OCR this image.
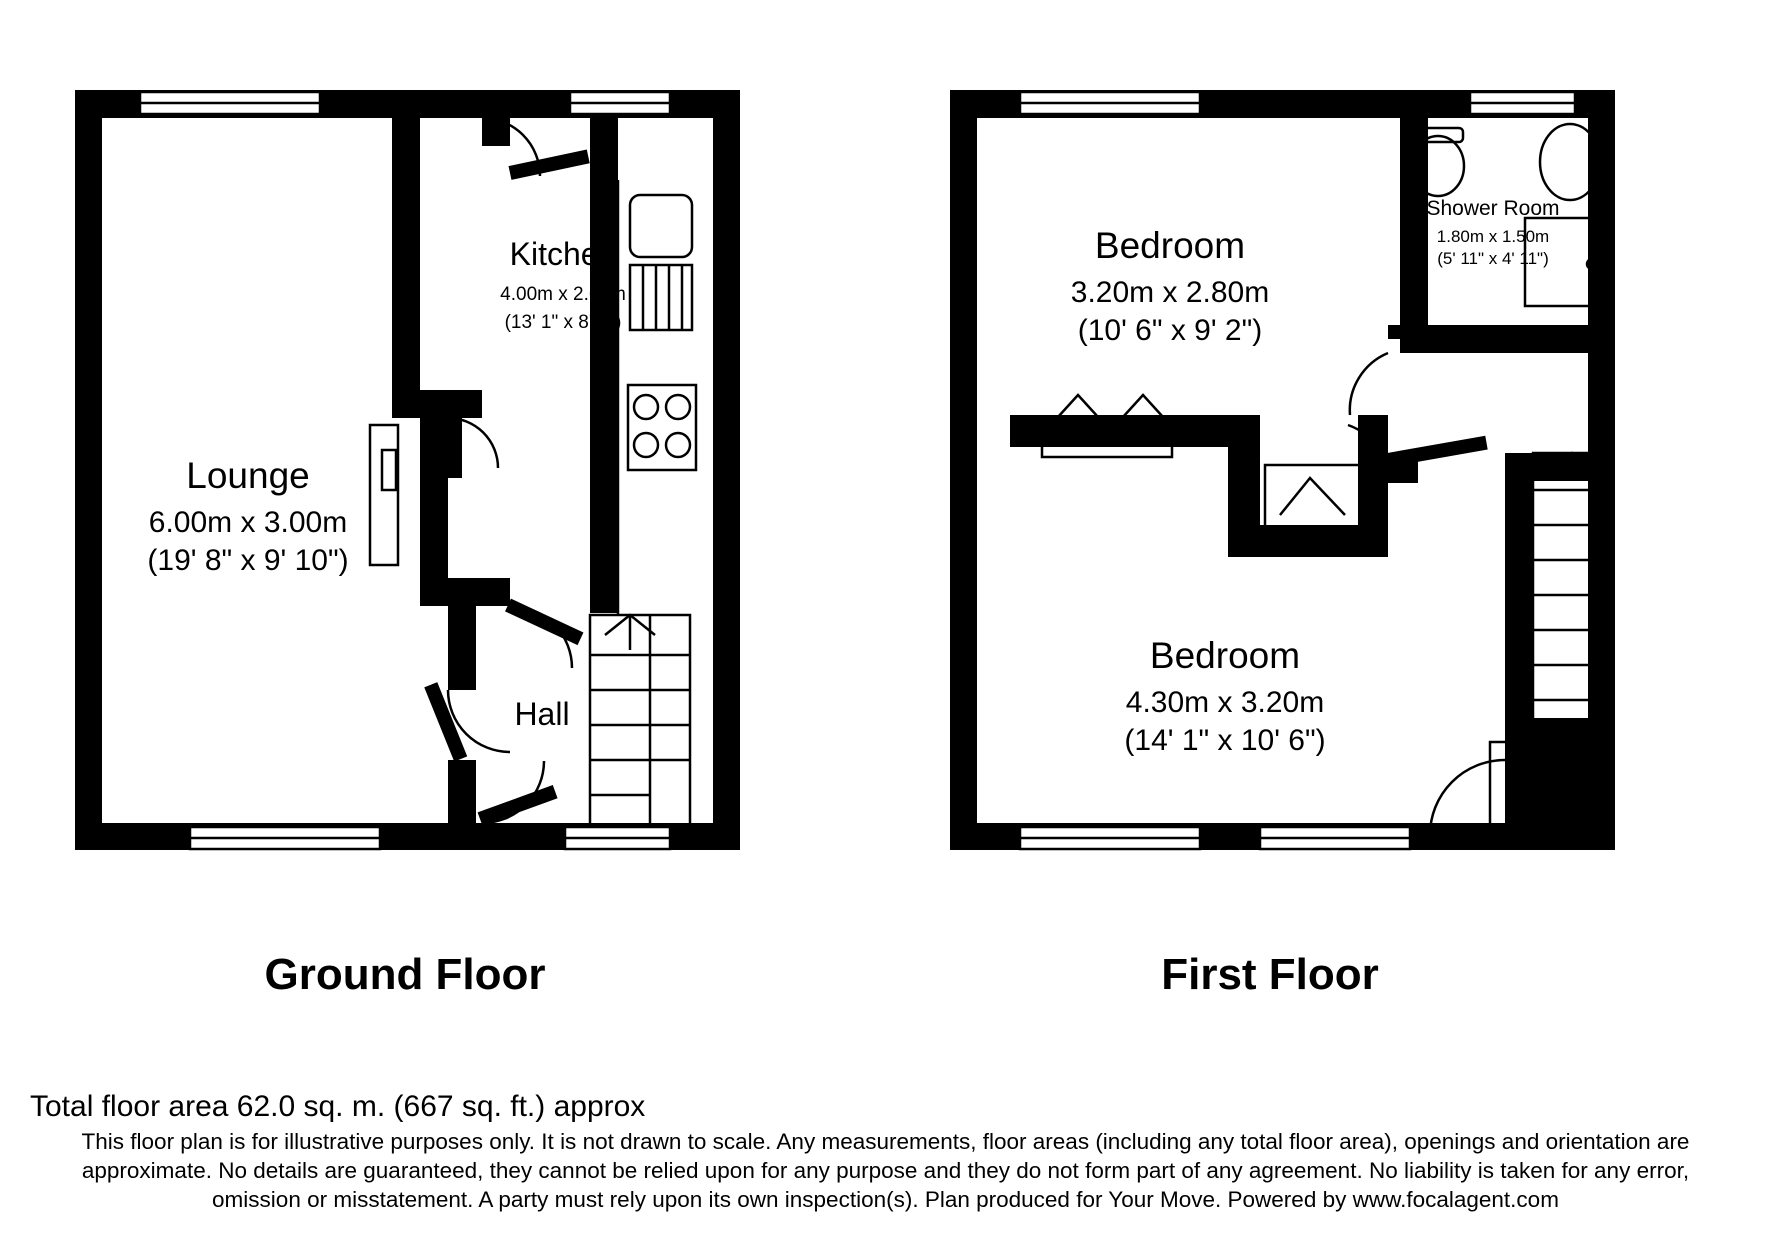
Lounge
6.00m x 3.00m
(19' 8" x 9' 10")
Kitchen
4.00m x 2.60m
(13' 1" x 8' 6")
Hall
Ground Floor
Bedroom
3.20m x 2.80m
(10' 6" x 9' 2")
Bedroom
4.30m x 3.20m
(14' 1" x 10' 6")
Shower Room
1.80m x 1.50m
(5' 11" x 4' 11")
First Floor

Total floor area 62.0 sq. m. (667 sq. ft.) approx

This floor plan is for illustrative purposes only. It is not drawn to scale. Any measurements, floor areas (including any total floor area), openings and orientation are

approximate. No details are guaranteed, they cannot be relied upon for any purpose and they do not form part of any agreement. No liability is taken for any error,

omission or misstatement. A party must rely upon its own inspection(s). Plan produced for Your Move. Powered by www.focalagent.com
